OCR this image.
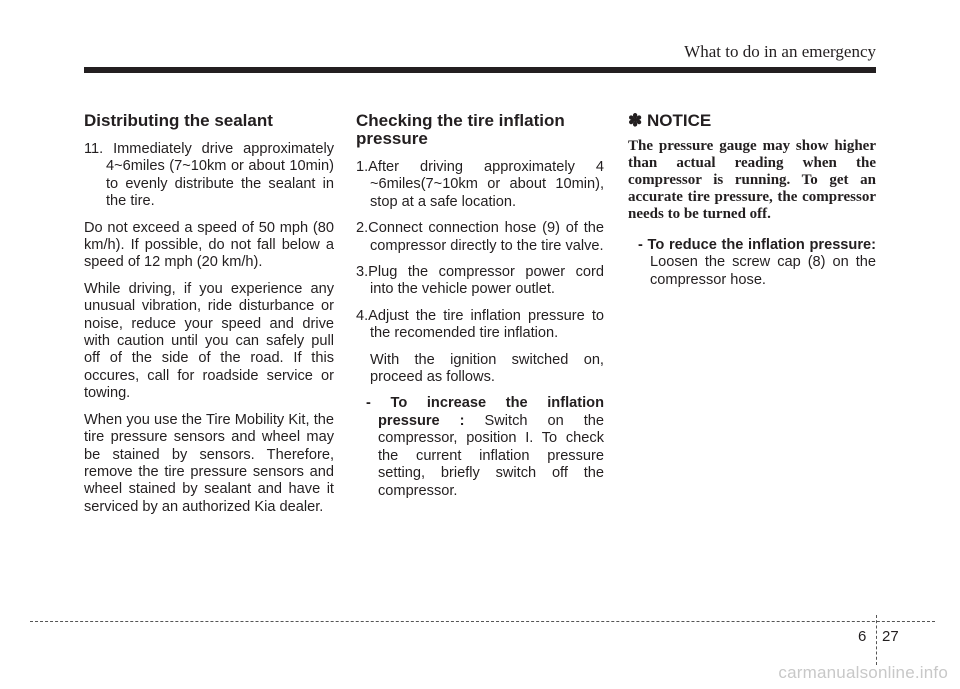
What to do in an emergency
Distributing the sealant
11. Immediately drive approximately 4~6miles (7~10km or about 10min) to evenly distribute the sealant in the tire.

Do not exceed a speed of 50 mph (80 km/h). If possible, do not fall below a speed of 12 mph (20 km/h).

While driving, if you experience any unusual vibration, ride disturbance or noise, reduce your speed and drive with caution until you can safely pull off of the side of the road. If this occures, call for roadside service or towing.

When you use the Tire Mobility Kit, the tire pressure sensors and wheel may be stained by sensors. Therefore, remove the tire pressure sensors and wheel stained by sealant and have it serviced by an authorized Kia dealer.

Checking the tire inflation pressure
1.After driving approximately 4 ~6miles(7~10km or about 10min), stop at a safe location.
2.Connect connection hose (9) of the compressor directly to the tire valve.
3.Plug the compressor power cord into the vehicle power outlet.
4.Adjust the tire inflation pressure to the recomended tire inflation.
With the ignition switched on, proceed as follows.
- To increase the inflation pressure : Switch on the compressor, position I. To check the current inflation pressure setting, briefly switch off the compressor.
✽ NOTICE
The pressure gauge may show higher than actual reading when the compressor is running. To get an accurate tire pressure, the compressor needs to be turned off.
- To reduce the inflation pressure: Loosen the screw cap (8) on the compressor hose.
6 27
carmanualsonline.info
